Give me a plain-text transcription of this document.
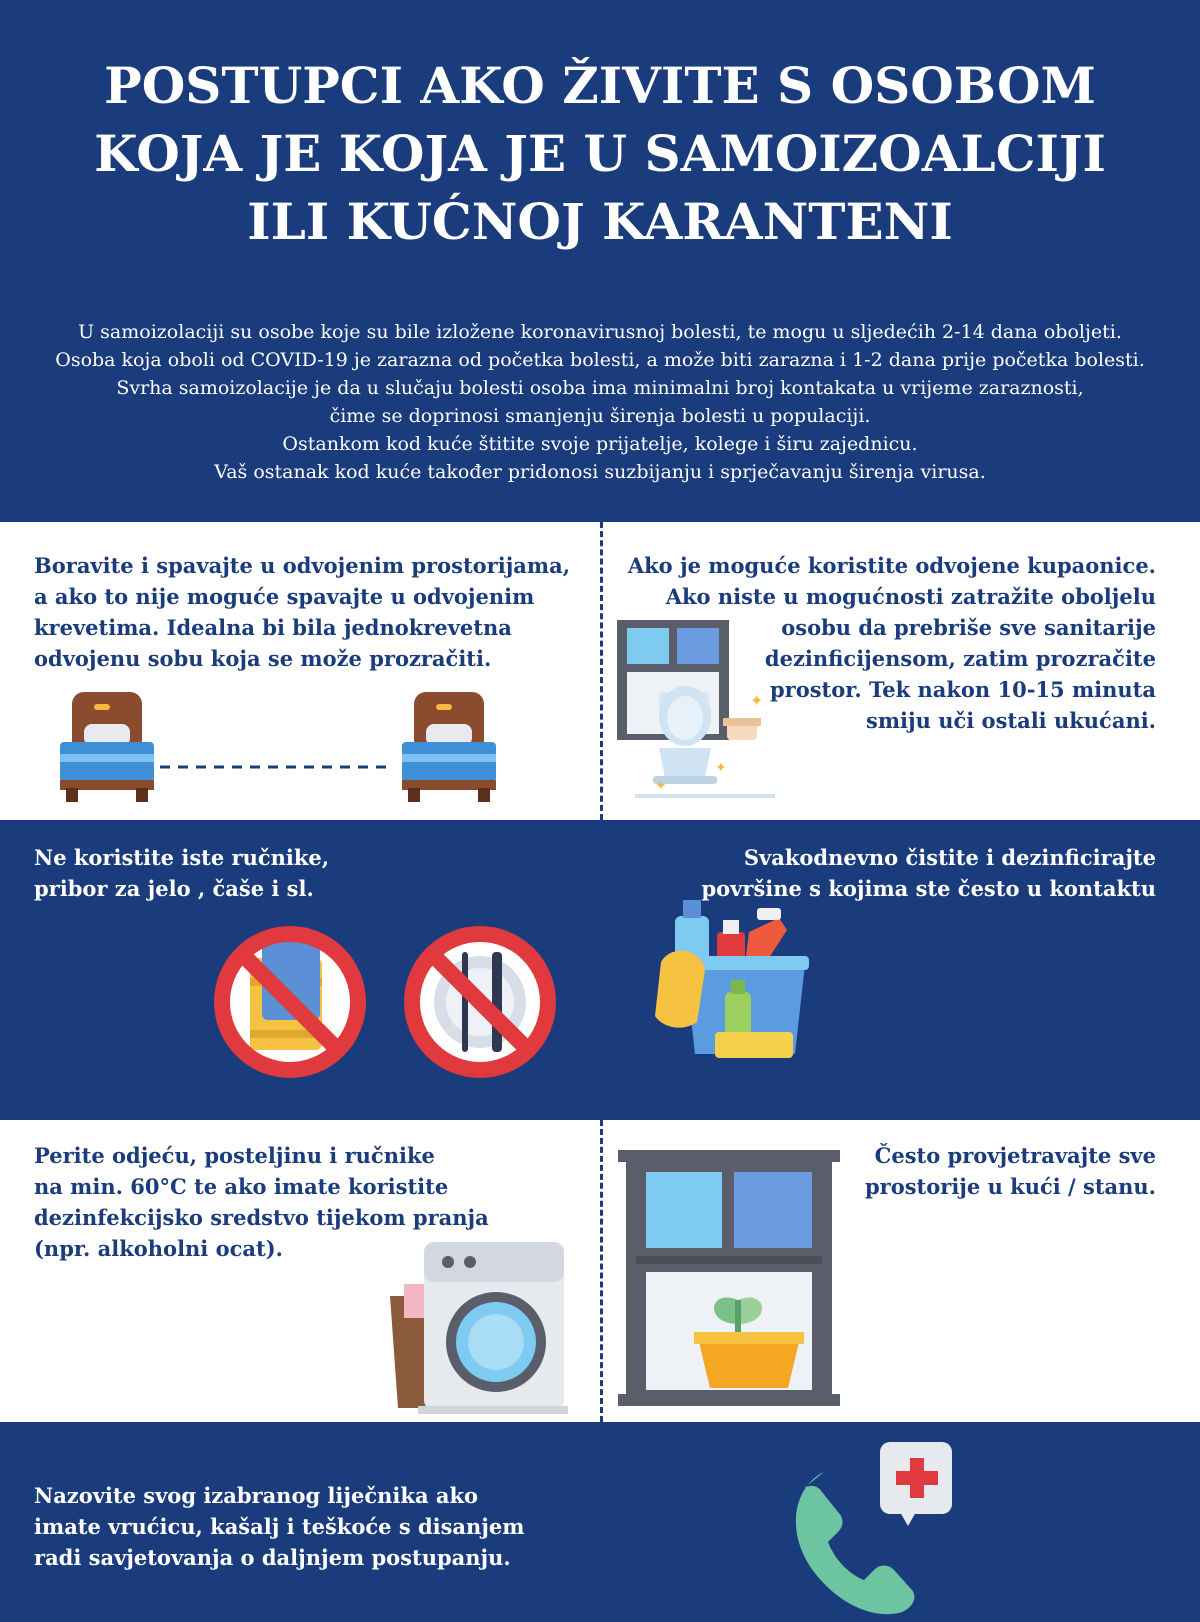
POSTUPCI AKO ŽIVITE S OSOBOM
KOJA JE KOJA JE U SAMOIZOALCIJI
ILI KUĆNOJ KARANTENI
U samoizolaciji su osobe koje su bile izložene koronavirusnoj bolesti, te mogu u sljedećih 2-14 dana oboljeti.
Osoba koja oboli od COVID-19 je zarazna od početka bolesti, a može biti zarazna i 1-2 dana prije početka bolesti.
Svrha samoizolacije je da u slučaju bolesti osoba ima minimalni broj kontakata u vrijeme zaraznosti,
čime se doprinosi smanjenju širenja bolesti u populaciji.
Ostankom kod kuće štitite svoje prijatelje, kolege i širu zajednicu.
Vaš ostanak kod kuće također pridonosi suzbijanju i sprječavanju širenja virusa.
Boravite i spavajte u odvojenim prostorijama,
a ako to nije moguće spavajte u odvojenim
krevetima. Idealna bi bila jednokrevetna
odvojenu sobu koja se može prozračiti.
Ako je moguće koristite odvojene kupaonice.
Ako niste u mogućnosti zatražite oboljelu
osobu da prebriše sve sanitarije
dezinficijensom, zatim prozračite
prostor. Tek nakon 10-15 minuta
smiju uči ostali ukućani.
✦
✦
✦
Ne koristite iste ručnike,
pribor za jelo , čaše i sl.
Svakodnevno čistite i dezinficirajte
površine s kojima ste često u kontaktu
Perite odjeću, posteljinu i ručnike
na min. 60°C te ako imate koristite
dezinfekcijsko sredstvo tijekom pranja
(npr. alkoholni ocat).
Često provjetravajte sve
prostorije u kući / stanu.
Nazovite svog izabranog liječnika ako
imate vrućicu, kašalj i teškoće s disanjem
radi savjetovanja o daljnjem postupanju.
